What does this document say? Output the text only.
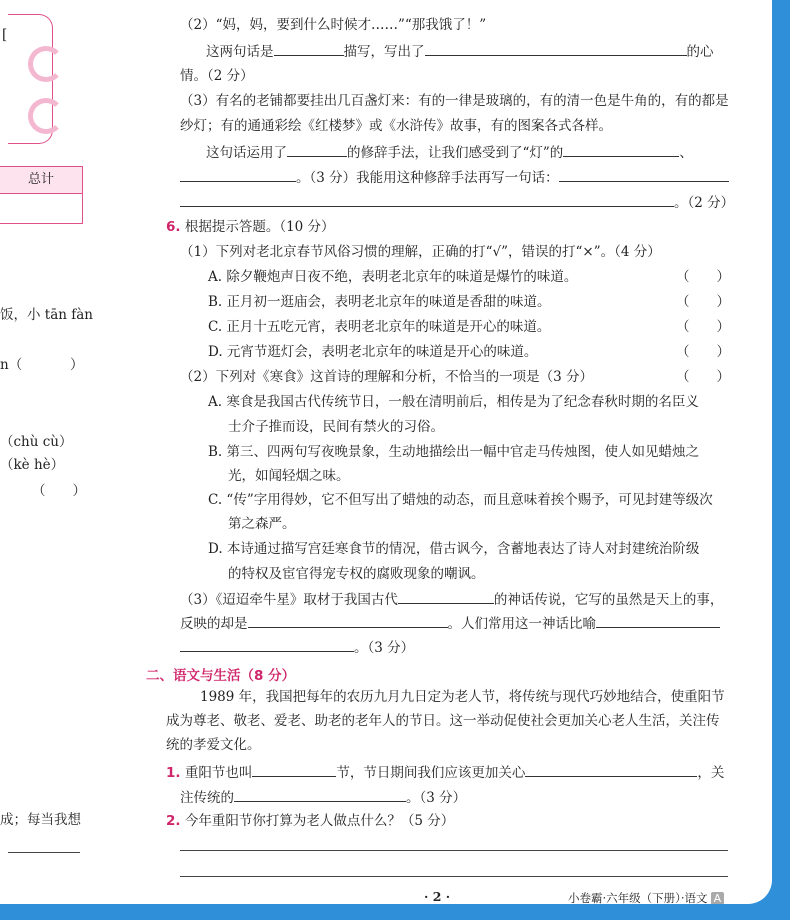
[
总计
饭，小 tān fàn
n（	）
（chù cù）
（kè hè）
（　　）
成；每当我想
（2）“妈，妈，要到什么时候才……”“那我饿了！”
这两句话是	描写，写出了	的心
情。（2 分）
（3）有名的老铺都要挂出几百盏灯来：有的一律是玻璃的，有的清一色是牛角的，有的都是
纱灯；有的通通彩绘《红楼梦》或《水浒传》故事，有的图案各式各样。
这句话运用了	的修辞手法，让我们感受到了“灯”的	、
。（3 分）我能用这种修辞手法再写一句话：
。（2 分）
6. 根据提示答题。（10 分）
（1）下列对老北京春节风俗习惯的理解，正确的打“√”，错误的打“×”。（4 分）
A. 除夕鞭炮声日夜不绝，表明老北京年的味道是爆竹的味道。	（　　）
B. 正月初一逛庙会，表明老北京年的味道是香甜的味道。	（　　）
C. 正月十五吃元宵，表明老北京年的味道是开心的味道。	（　　）
D. 元宵节逛灯会，表明老北京年的味道是开心的味道。	（　　）
（2）下列对《寒食》这首诗的理解和分析，不恰当的一项是（3 分）	（　　）
A. 寒食是我国古代传统节日，一般在清明前后，相传是为了纪念春秋时期的名臣义
士介子推而设，民间有禁火的习俗。
B. 第三、四两句写夜晚景象，生动地描绘出一幅中官走马传烛图，使人如见蜡烛之
光，如闻轻烟之味。
C. “传”字用得妙，它不但写出了蜡烛的动态，而且意味着挨个赐予，可见封建等级次
第之森严。
D. 本诗通过描写宫廷寒食节的情况，借古讽今，含蓄地表达了诗人对封建统治阶级
的特权及宦官得宠专权的腐败现象的嘲讽。
（3）《迢迢牵牛星》取材于我国古代	的神话传说，它写的虽然是天上的事，
反映的却是	。人们常用这一神话比喻
。（3 分）
二、语文与生活（8 分）
1989 年，我国把每年的农历九月九日定为老人节，将传统与现代巧妙地结合，使重阳节
成为尊老、敬老、爱老、助老的老年人的节日。这一举动促使社会更加关心老人生活，关注传
统的孝爱文化。
1. 重阳节也叫	节，节日期间我们应该更加关心	，关
注传统的	。（3 分）
2. 今年重阳节你打算为老人做点什么？（5 分）
· 2 ·	小卷霸·六年级（下册）·语文 A
